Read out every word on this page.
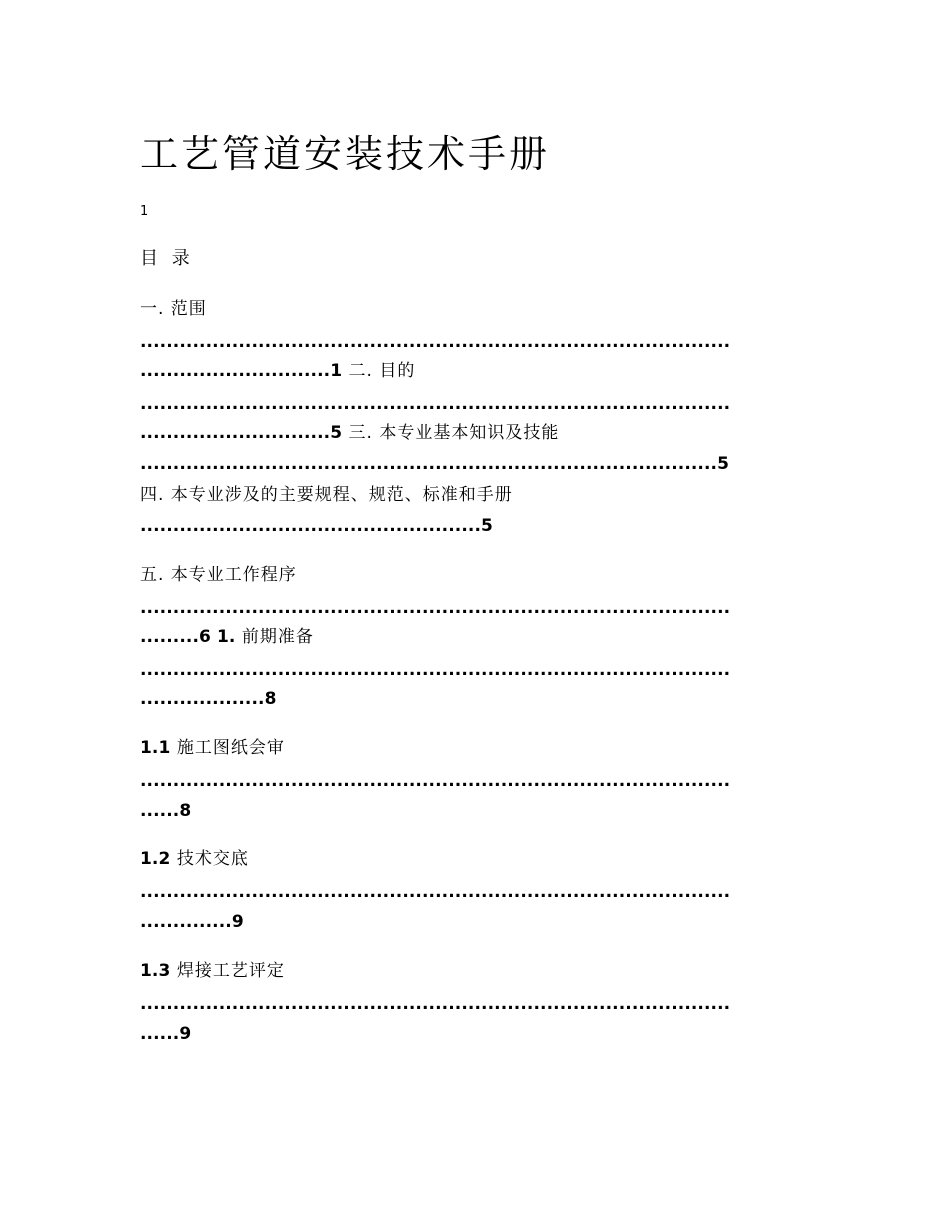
工艺管道安装技术手册
1
目 录
一. 范围
..........................................................................................
.............................1 二. 目的
..........................................................................................
.............................5 三. 本专业基本知识及技能
........................................................................................5
四. 本专业涉及的主要规程、规范、标准和手册
....................................................5
五. 本专业工作程序
..........................................................................................
.........6 1. 前期准备
..........................................................................................
...................8
1.1 施工图纸会审
..........................................................................................
......8
1.2 技术交底
..........................................................................................
..............9
1.3 焊接工艺评定
..........................................................................................
......9
